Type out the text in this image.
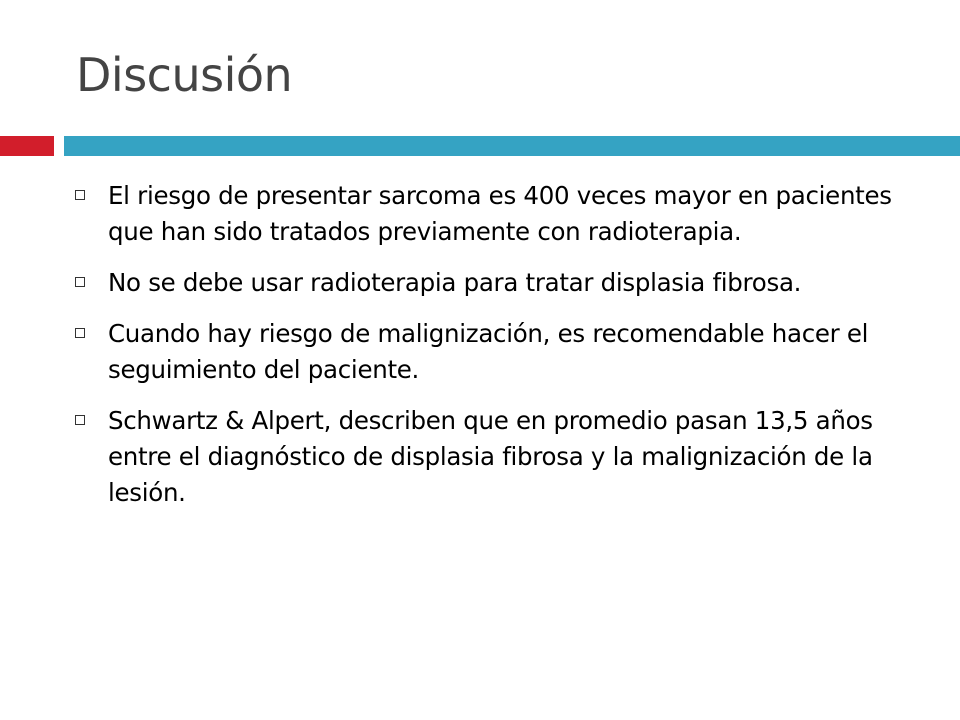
Discusión
El riesgo de presentar sarcoma es 400 veces mayor en pacientes que han sido tratados previamente con radioterapia.
No se debe usar radioterapia para tratar displasia fibrosa.
Cuando hay riesgo de malignización, es recomendable hacer el seguimiento del paciente.
Schwartz & Alpert, describen que en promedio pasan 13,5 años entre el diagnóstico de displasia fibrosa y la malignización de la lesión.
